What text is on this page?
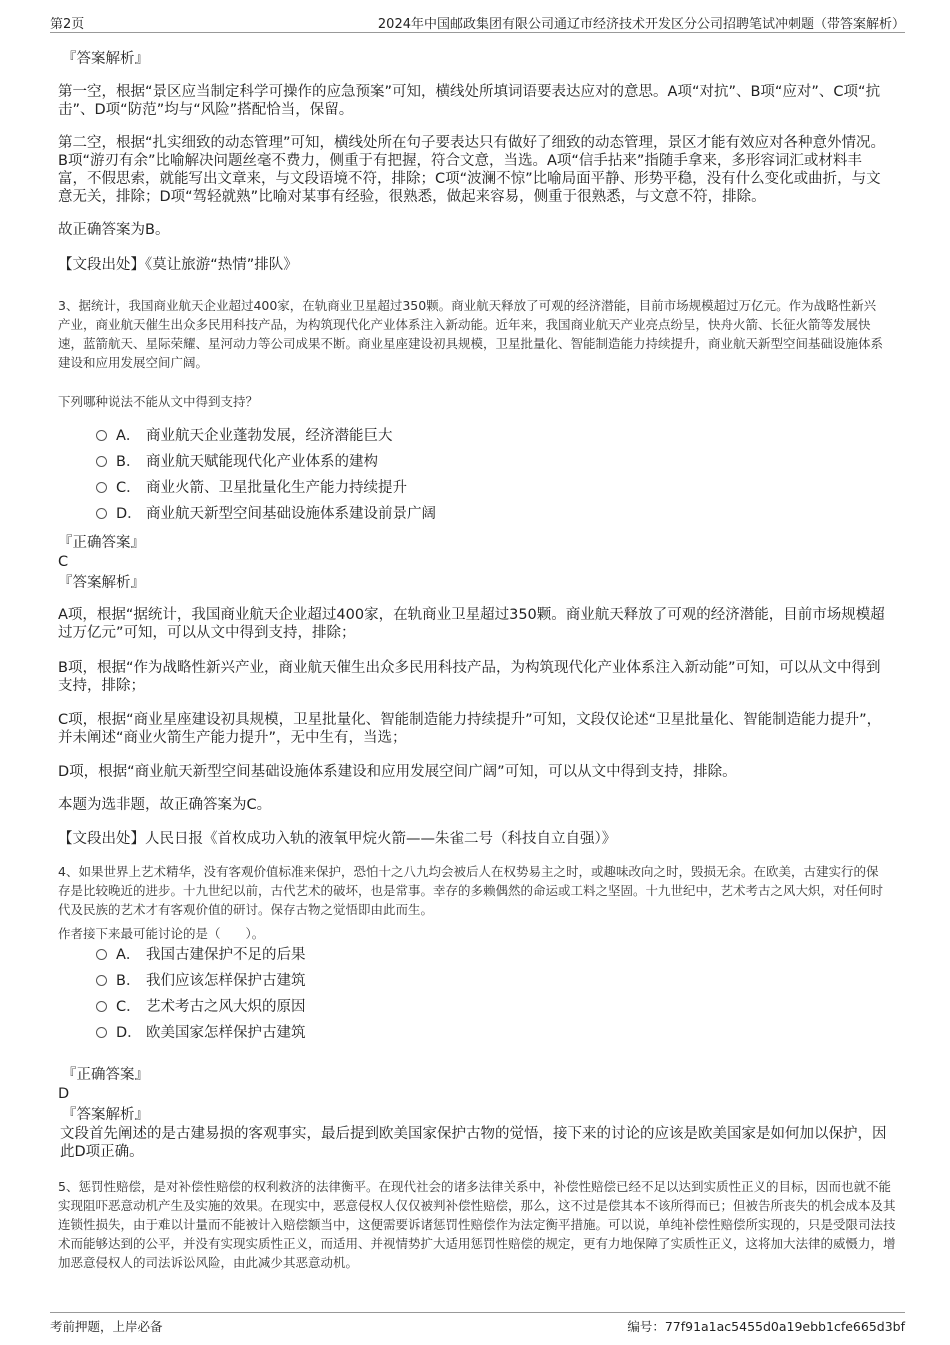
第2页	2024年中国邮政集团有限公司通辽市经济技术开发区分公司招聘笔试冲刺题（带答案解析）

『答案解析』

第一空，根据“景区应当制定科学可操作的应急预案”可知，横线处所填词语要表达应对的意思。A项“对抗”、B项“应对”、C项“抗击”、D项“防范”均与“风险”搭配恰当，保留。

第二空，根据“扎实细致的动态管理”可知，横线处所在句子要表达只有做好了细致的动态管理，景区才能有效应对各种意外情况。B项“游刃有余”比喻解决问题丝毫不费力，侧重于有把握，符合文意，当选。A项“信手拈来”指随手拿来，多形容词汇或材料丰富，不假思索，就能写出文章来，与文段语境不符，排除；C项“波澜不惊”比喻局面平静、形势平稳，没有什么变化或曲折，与文意无关，排除；D项“驾轻就熟”比喻对某事有经验，很熟悉，做起来容易，侧重于很熟悉，与文意不符，排除。

故正确答案为B。

【文段出处】《莫让旅游“热情”排队》

3、据统计，我国商业航天企业超过400家，在轨商业卫星超过350颗。商业航天释放了可观的经济潜能，目前市场规模超过万亿元。作为战略性新兴产业，商业航天催生出众多民用科技产品，为构筑现代化产业体系注入新动能。近年来，我国商业航天产业亮点纷呈，快舟火箭、长征火箭等发展快速，蓝箭航天、星际荣耀、星河动力等公司成果不断。商业星座建设初具规模，卫星批量化、智能制造能力持续提升，商业航天新型空间基础设施体系建设和应用发展空间广阔。

下列哪种说法不能从文中得到支持？

A． 商业航天企业蓬勃发展，经济潜能巨大
B． 商业航天赋能现代化产业体系的建构
C． 商业火箭、卫星批量化生产能力持续提升
D． 商业航天新型空间基础设施体系建设前景广阔

『正确答案』

C

『答案解析』

A项，根据“据统计，我国商业航天企业超过400家，在轨商业卫星超过350颗。商业航天释放了可观的经济潜能，目前市场规模超过万亿元”可知，可以从文中得到支持，排除；

B项，根据“作为战略性新兴产业，商业航天催生出众多民用科技产品，为构筑现代化产业体系注入新动能”可知，可以从文中得到支持，排除；

C项，根据“商业星座建设初具规模，卫星批量化、智能制造能力持续提升”可知，文段仅论述“卫星批量化、智能制造能力提升”，并未阐述“商业火箭生产能力提升”，无中生有，当选；

D项，根据“商业航天新型空间基础设施体系建设和应用发展空间广阔”可知，可以从文中得到支持，排除。

本题为选非题，故正确答案为C。

【文段出处】人民日报《首枚成功入轨的液氧甲烷火箭——朱雀二号（科技自立自强）》

4、如果世界上艺术精华，没有客观价值标准来保护，恐怕十之八九均会被后人在权势易主之时，或趣味改向之时，毁损无余。在欧美，古建实行的保存是比较晚近的进步。十九世纪以前，古代艺术的破坏，也是常事。幸存的多赖偶然的命运或工料之坚固。十九世纪中，艺术考古之风大炽，对任何时代及民族的艺术才有客观价值的研讨。保存古物之觉悟即由此而生。

作者接下来最可能讨论的是（　　）。

A． 我国古建保护不足的后果
B． 我们应该怎样保护古建筑
C． 艺术考古之风大炽的原因
D． 欧美国家怎样保护古建筑

『正确答案』

D

『答案解析』

文段首先阐述的是古建易损的客观事实，最后提到欧美国家保护古物的觉悟，接下来的讨论的应该是欧美国家是如何加以保护，因此D项正确。

5、惩罚性赔偿，是对补偿性赔偿的权利救济的法律衡平。在现代社会的诸多法律关系中，补偿性赔偿已经不足以达到实质性正义的目标，因而也就不能实现阻吓恶意动机产生及实施的效果。在现实中，恶意侵权人仅仅被判补偿性赔偿，那么，这不过是偿其本不该所得而已；但被告所丧失的机会成本及其连锁性损失，由于难以计量而不能被计入赔偿额当中，这便需要诉诸惩罚性赔偿作为法定衡平措施。可以说，单纯补偿性赔偿所实现的，只是受限司法技术而能够达到的公平，并没有实现实质性正义，而适用、并视情势扩大适用惩罚性赔偿的规定，更有力地保障了实质性正义，这将加大法律的威慑力，增加恶意侵权人的司法诉讼风险，由此减少其恶意动机。

考前押题，上岸必备	编号：77f91a1ac5455d0a19ebb1cfe665d3bf
